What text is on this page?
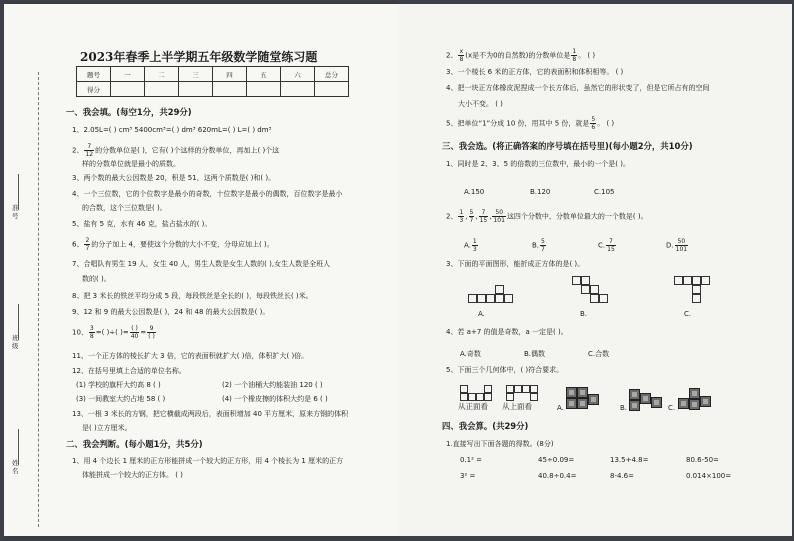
准号
班级
姓名
2023年春季上半学期五年级数学随堂练习题
题号	一	二	三	四	五	六	总分
得分							
一、我会填。(每空1分，共29分)
1、2.05L=( ) cm³ 5400cm³=( ) dm³ 620mL=( ) L=( ) dm³
2、 $\frac{7}{12}$ 的分数单位是( )，它有( )个这样的分数单位，再加上( )个这
样的分数单位就是最小的质数。
3、两个数的最大公因数是 20，积是 51，这两个质数是( )和( )。
4、一个三位数，它的个位数字是最小的奇数，十位数字是最小的偶数，百位数字是最小
的合数，这个三位数是( )。
5、盐有 5 克，水有 46 克，盐占盐水的( )。
6、 $\frac{2}{7}$ 的分子加上 4，要使这个分数的大小不变，分母应加上( )。
7、合唱队有男生 19 人，女生 40 人，男生人数是女生人数的( ),女生人数是全班人
数的( )。
8、把 3 米长的铁丝平均分成 5 段，每段铁丝是全长的( )，每段铁丝长( )米。
9、12 和 9 的最大公因数是( )，24 和 48 的最大公因数是( )。
10、 $\frac{3}{8}$ =( )÷( )= $\frac{( )}{40} = \frac{9}{( )}$
11、一个正方体的棱长扩大 3 倍，它的表面积就扩大( )倍，体积扩大( )倍。
12、在括号里填上合适的单位名称。
(1) 学校的旗杆大约高 8 ( )	(2) 一个油桶大约能装油 120 ( )
(3) 一间教室大约占地 58 ( )	(4) 一个橡皮擦的体积大约是 6 ( )
13、一根 3 米长的方钢，把它横截成两段后，表面积增加 40 平方厘米，原来方钢的体积
是( )立方厘米。
二、我会判断。(每小题1分，共5分)
1、用 4 个边长 1 厘米的正方形能拼成一个较大的正方形，用 4 个棱长为 1 厘米的正方
体能拼成一个较大的正方体。 ( )
2、 $\frac{x}{8} (x$是不为0的自然数)的分数单位是 $\frac{1}{8}$ 。 ( )
3、一个棱长 6 米的正方体，它的表面积和体积相等。 ( )
4、把一块正方体橡皮泥捏成一个长方体后，虽然它的形状变了，但是它所占有的空间
大小不变。 ( )
5、把单位“1”分成 10 份，用其中 5 份，就是 $\frac{5}{6}$ 。 ( )
三、我会选。(将正确答案的序号填在括号里)(每小题2分，共10分)
1、同时是 2、3、5 的倍数的三位数中，最小的一个是( )。
A.150	B.120	C.105
2、 $\frac{1}{3}$ , $\frac{5}{7}$ , $\frac{7}{15}$ , $\frac{50}{101}$ 这四个分数中，分数单位最大的一个数是( )。
A. $\frac{1}{3}$	B. $\frac{5}{7}$	C. $\frac{7}{15}$	D. $\frac{50}{101}$
3、下面的平面图形，能折成正方体的是( )。
A.	B.	C.
4、若 a+7 的值是奇数，a 一定是( )。
A.奇数	B.偶数	C.合数
5、下面三个几何体中，( )符合要求。
从正面看 从上面看	A.	B.	C.
四、我会算。(共29分)
1.直接写出下面各题的得数。(8分)
0.1² =	45÷0.09=	13.5+4.8=	80.6-50=
3² =	40.8÷0.4=	8-4.6=	0.014×100=
